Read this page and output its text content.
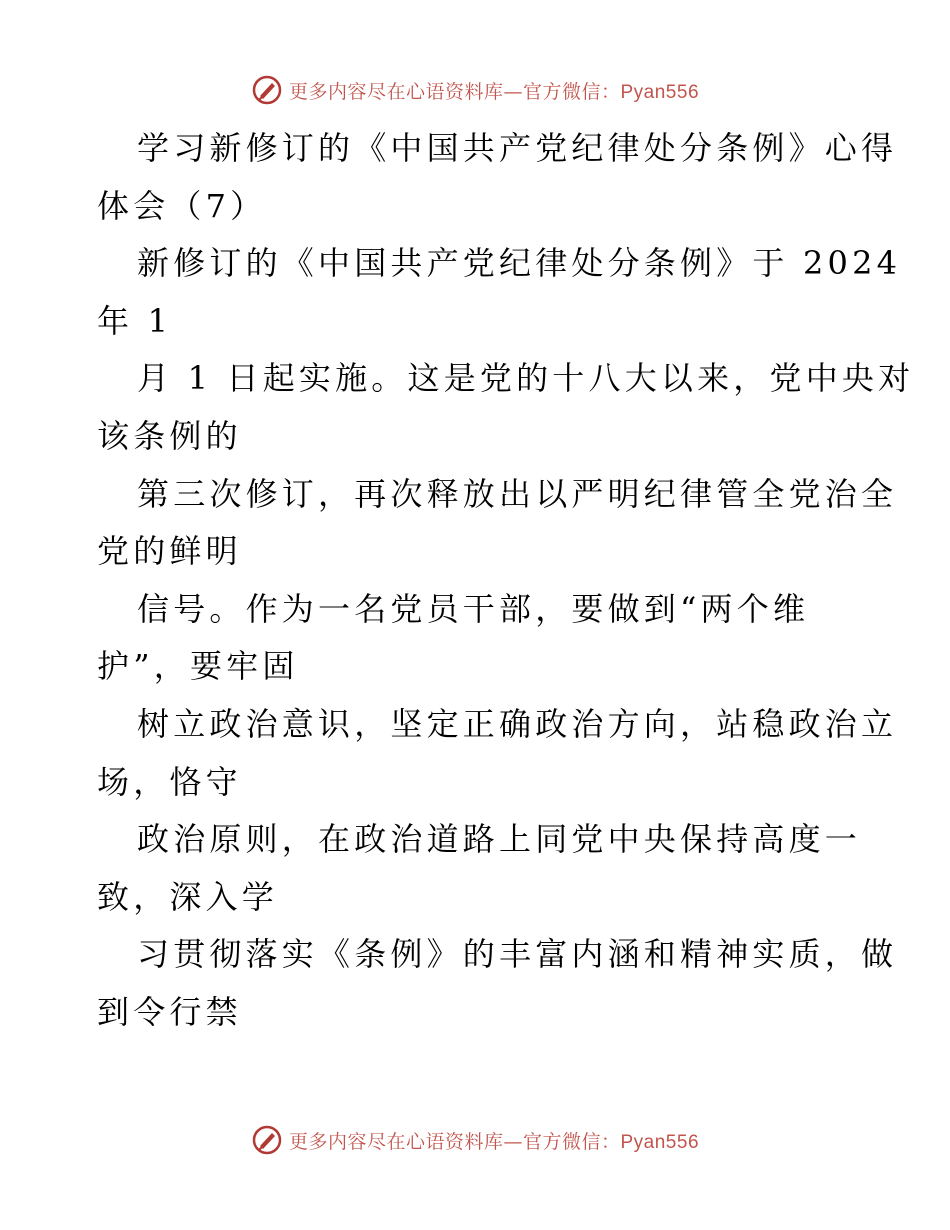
更多内容尽在心语资料库—官方微信：Pyan556
学习新修订的《中国共产党纪律处分条例》心得
体会（7）
新修订的《中国共产党纪律处分条例》于 2024
年 1
月 1 日起实施。这是党的十八大以来，党中央对
该条例的
第三次修订，再次释放出以严明纪律管全党治全
党的鲜明
信号。作为一名党员干部，要做到“两个维
护”，要牢固
树立政治意识，坚定正确政治方向，站稳政治立
场，恪守
政治原则，在政治道路上同党中央保持高度一
致，深入学
习贯彻落实《条例》的丰富内涵和精神实质，做
到令行禁
更多内容尽在心语资料库—官方微信：Pyan556
